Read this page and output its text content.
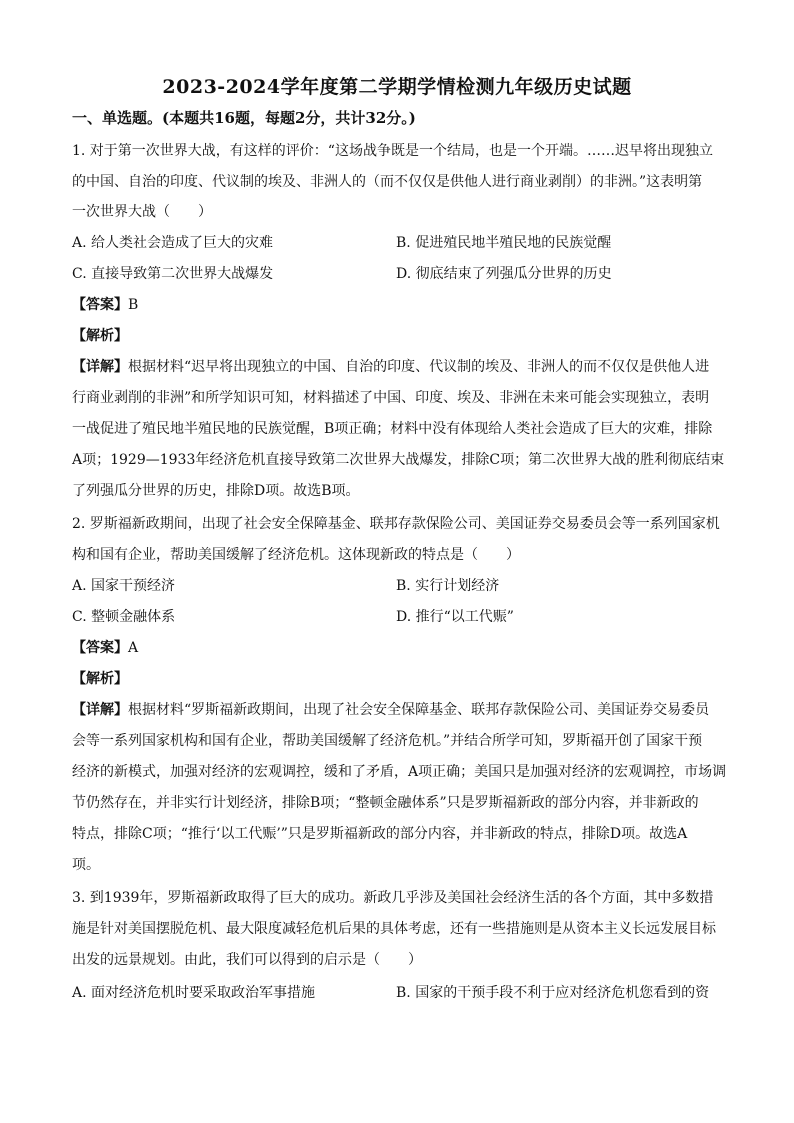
2023-2024学年度第二学期学情检测九年级历史试题
一、单选题。(本题共16题，每题2分，共计32分。)
1. 对于第一次世界大战，有这样的评价：“这场战争既是一个结局，也是一个开端。……迟早将出现独立
的中国、自治的印度、代议制的埃及、非洲人的（而不仅仅是供他人进行商业剥削）的非洲。”这表明第
一次世界大战（　　）
A. 给人类社会造成了巨大的灾难	B. 促进殖民地半殖民地的民族觉醒
C. 直接导致第二次世界大战爆发	D. 彻底结束了列强瓜分世界的历史
【答案】B
【解析】
【详解】根据材料“迟早将出现独立的中国、自治的印度、代议制的埃及、非洲人的而不仅仅是供他人进
行商业剥削的非洲”和所学知识可知，材料描述了中国、印度、埃及、非洲在未来可能会实现独立，表明
一战促进了殖民地半殖民地的民族觉醒，B项正确；材料中没有体现给人类社会造成了巨大的灾难，排除
A项；1929—1933年经济危机直接导致第二次世界大战爆发，排除C项；第二次世界大战的胜利彻底结束
了列强瓜分世界的历史，排除D项。故选B项。
2. 罗斯福新政期间，出现了社会安全保障基金、联邦存款保险公司、美国证券交易委员会等一系列国家机
构和国有企业，帮助美国缓解了经济危机。这体现新政的特点是（　　）
A. 国家干预经济	B. 实行计划经济
C. 整顿金融体系	D. 推行“以工代赈”
【答案】A
【解析】
【详解】根据材料“罗斯福新政期间，出现了社会安全保障基金、联邦存款保险公司、美国证券交易委员
会等一系列国家机构和国有企业，帮助美国缓解了经济危机。”并结合所学可知，罗斯福开创了国家干预
经济的新模式，加强对经济的宏观调控，缓和了矛盾，A项正确；美国只是加强对经济的宏观调控，市场调
节仍然存在，并非实行计划经济，排除B项；“整顿金融体系”只是罗斯福新政的部分内容，并非新政的
特点，排除C项；“推行‘以工代赈’”只是罗斯福新政的部分内容，并非新政的特点，排除D项。故选A
项。
3. 到1939年，罗斯福新政取得了巨大的成功。新政几乎涉及美国社会经济生活的各个方面，其中多数措
施是针对美国摆脱危机、最大限度减轻危机后果的具体考虑，还有一些措施则是从资本主义长远发展目标
出发的远景规划。由此，我们可以得到的启示是（　　）
A. 面对经济危机时要采取政治军事措施	B. 国家的干预手段不利于应对经济危机您看到的资
